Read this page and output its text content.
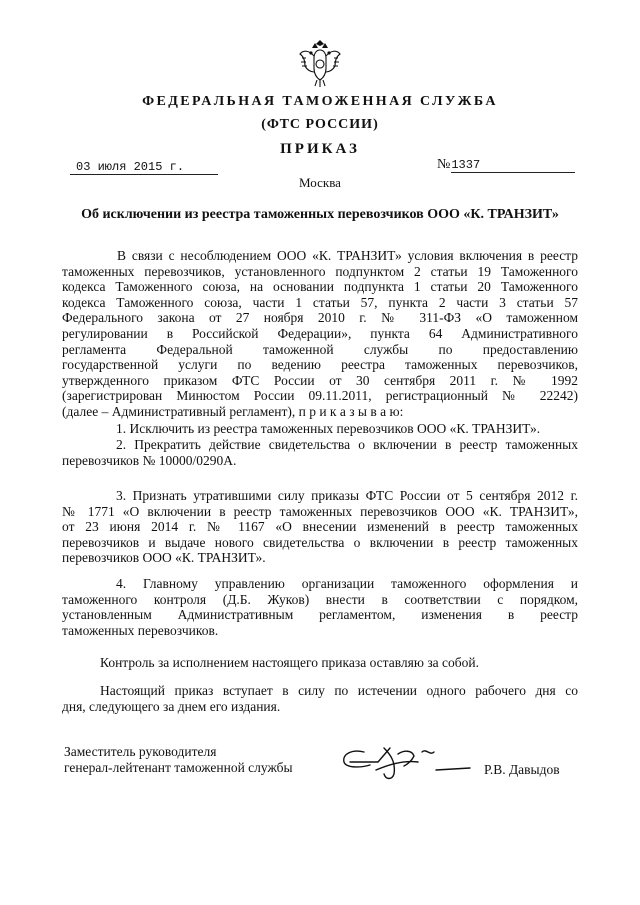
ФЕДЕРАЛЬНАЯ ТАМОЖЕННАЯ СЛУЖБА
(ФТС РОССИИ)
ПРИКАЗ
03 июля 2015 г.	№1337
Москва
Об исключении из реестра таможенных перевозчиков ООО «К. ТРАНЗИТ»
В связи с несоблюдением ООО «К. ТРАНЗИТ» условия включения в реестр
таможенных перевозчиков, установленного подпунктом 2 статьи 19 Таможенного
кодекса Таможенного союза, на основании подпункта 1 статьи 20 Таможенного
кодекса Таможенного союза, части 1 статьи 57, пункта 2 части 3 статьи 57
Федерального закона от 27 ноября 2010 г. № 311-ФЗ «О таможенном
регулировании в Российской Федерации», пункта 64 Административного
регламента Федеральной таможенной службы по предоставлению
государственной услуги по ведению реестра таможенных перевозчиков,
утвержденного приказом ФТС России от 30 сентября 2011 г. № 1992
(зарегистрирован Минюстом России 09.11.2011, регистрационный № 22242)
(далее – Административный регламент), п р и к а з ы в а ю:
1. Исключить из реестра таможенных перевозчиков ООО «К. ТРАНЗИТ».
2. Прекратить действие свидетельства о включении в реестр таможенных
перевозчиков № 10000/0290А.
3. Признать утратившими силу приказы ФТС России от 5 сентября 2012 г.
№ 1771 «О включении в реестр таможенных перевозчиков ООО «К. ТРАНЗИТ»,
от 23 июня 2014 г. № 1167 «О внесении изменений в реестр таможенных
перевозчиков и выдаче нового свидетельства о включении в реестр таможенных
перевозчиков ООО «К. ТРАНЗИТ».
4. Главному управлению организации таможенного оформления и
таможенного контроля (Д.Б. Жуков) внести в соответствии с порядком,
установленным Административным регламентом, изменения в реестр
таможенных перевозчиков.
Контроль за исполнением настоящего приказа оставляю за собой.
Настоящий приказ вступает в силу по истечении одного рабочего дня со
дня, следующего за днем его издания.
Заместитель руководителя
генерал-лейтенант таможенной службы	Р.В. Давыдов
